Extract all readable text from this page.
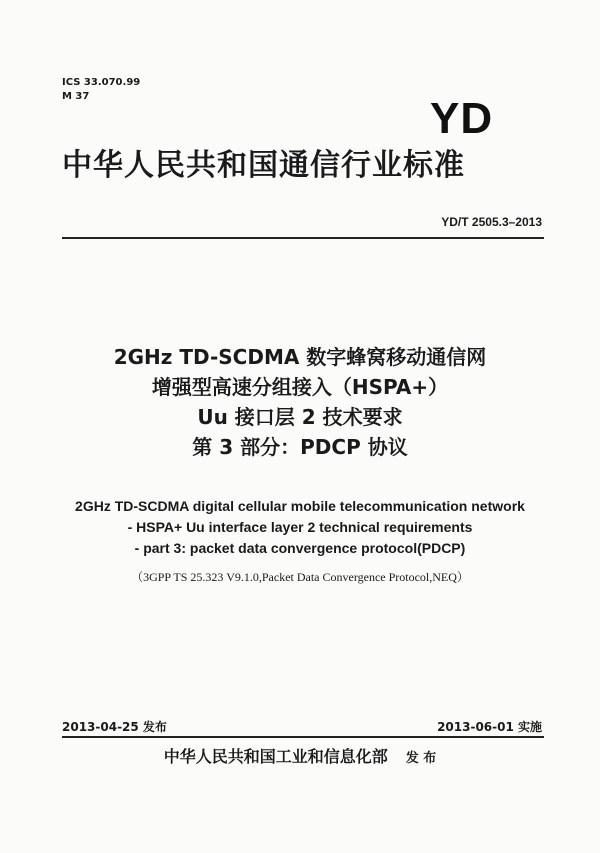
ICS 33.070.99
M 37	YD
中华人民共和国通信行业标准
YD/T 2505.3–2013
2GHz TD-SCDMA 数字蜂窝移动通信网
增强型高速分组接入（HSPA+）
Uu 接口层 2 技术要求
第 3 部分：PDCP 协议
2GHz TD-SCDMA digital cellular mobile telecommunication network
- HSPA+ Uu interface layer 2 technical requirements
- part 3: packet data convergence protocol(PDCP)
（3GPP TS 25.323 V9.1.0,Packet Data Convergence Protocol,NEQ）
2013-04-25 发布	2013-06-01 实施
中华人民共和国工业和信息化部 发 布
